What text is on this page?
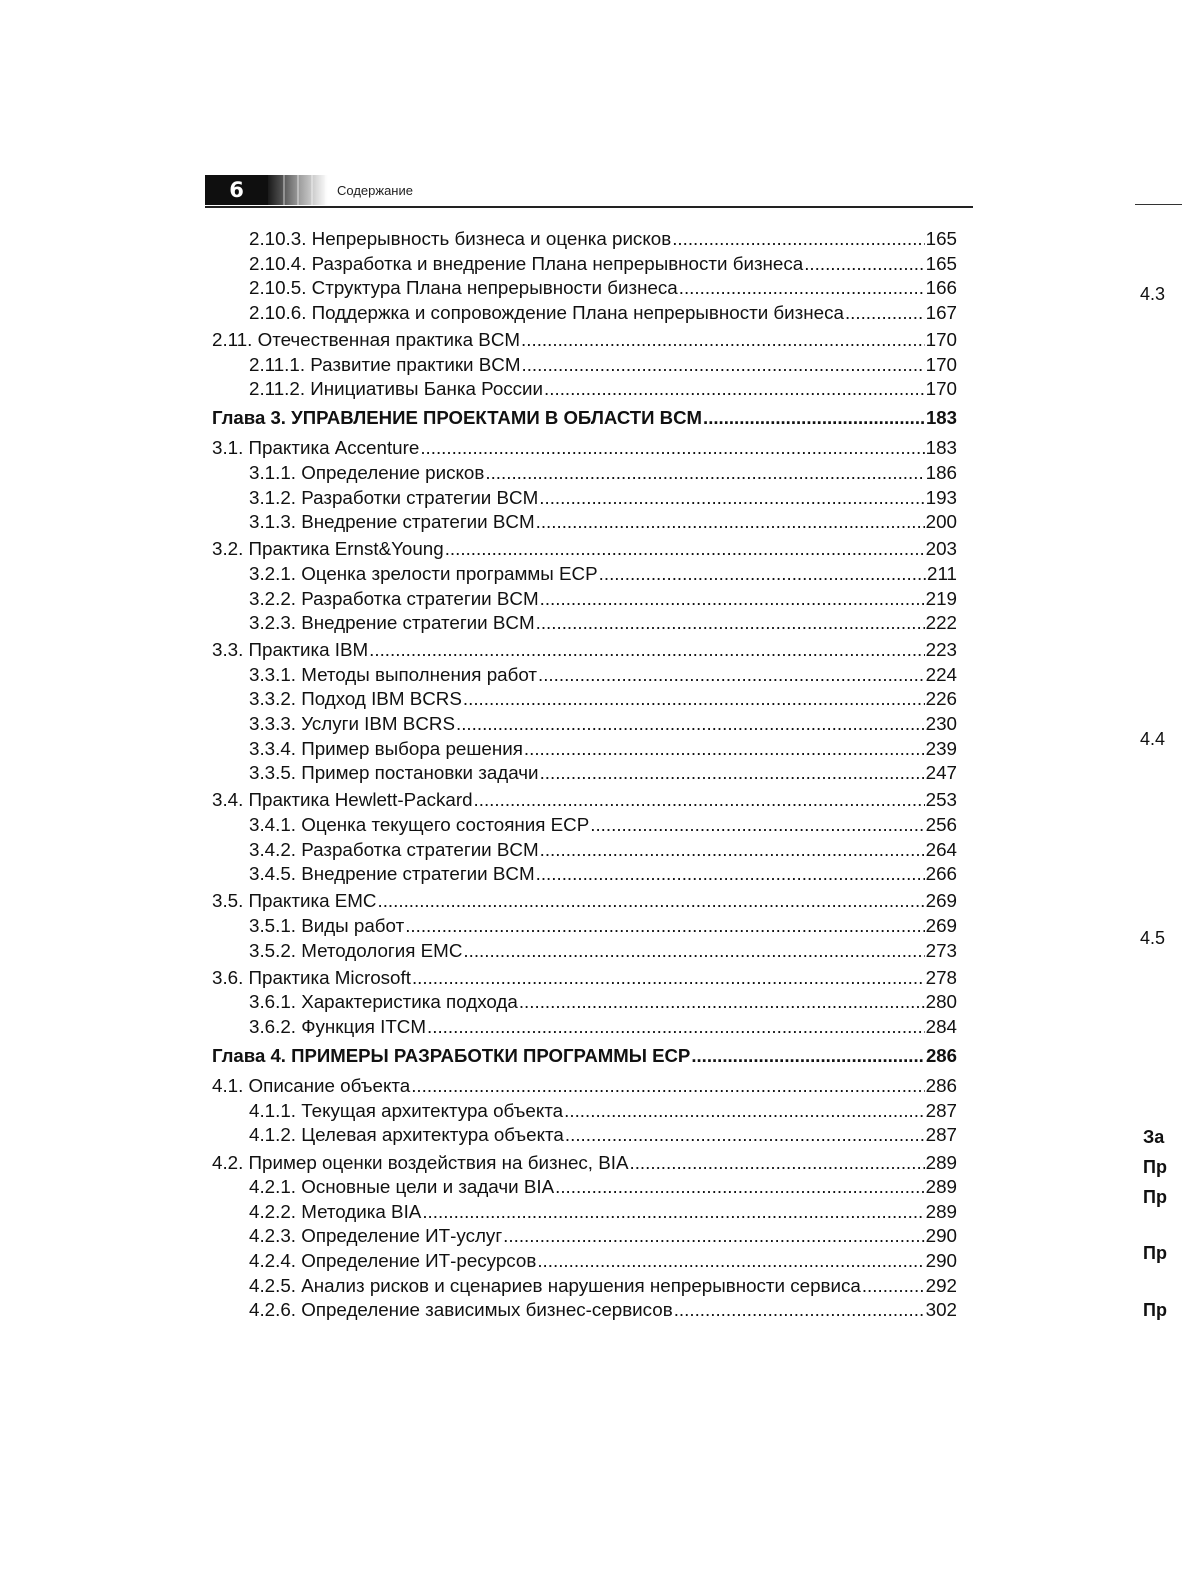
6	Содержание
4.3
4.4
4.5
За
Пр
Пр
Пр
Пр
2.10.3. Непрерывность бизнеса и оценка рисков .....	165
2.10.4. Разработка и внедрение Плана непрерывности бизнеса .....	165
2.10.5. Структура Плана непрерывности бизнеса .....	166
2.10.6. Поддержка и сопровождение Плана непрерывности бизнеса .....	167
2.11. Отечественная практика BCM .....	170
2.11.1. Развитие практики BCM .....	170
2.11.2. Инициативы Банка России .....	170
Глава 3. УПРАВЛЕНИЕ ПРОЕКТАМИ В ОБЛАСТИ BCM .....	183
3.1. Практика Accenture .....	183
3.1.1. Определение рисков .....	186
3.1.2. Разработки стратегии BCM .....	193
3.1.3. Внедрение стратегии BCM .....	200
3.2. Практика Ernst&Young .....	203
3.2.1. Оценка зрелости программы ECP .....	211
3.2.2. Разработка стратегии BCM .....	219
3.2.3. Внедрение стратегии BCM .....	222
3.3. Практика IBM .....	223
3.3.1. Методы выполнения работ .....	224
3.3.2. Подход IBM BCRS .....	226
3.3.3. Услуги IBM BCRS .....	230
3.3.4. Пример выбора решения .....	239
3.3.5. Пример постановки задачи .....	247
3.4. Практика Hewlett-Packard .....	253
3.4.1. Оценка текущего состояния ECP .....	256
3.4.2. Разработка стратегии BCM .....	264
3.4.5. Внедрение стратегии BCM .....	266
3.5. Практика EMC .....	269
3.5.1. Виды работ .....	269
3.5.2. Методология EMC .....	273
3.6. Практика Microsoft .....	278
3.6.1. Характеристика подхода .....	280
3.6.2. Функция ITCM .....	284
Глава 4. ПРИМЕРЫ РАЗРАБОТКИ ПРОГРАММЫ ECP .....	286
4.1. Описание объекта .....	286
4.1.1. Текущая архитектура объекта .....	287
4.1.2. Целевая архитектура объекта .....	287
4.2. Пример оценки воздействия на бизнес, BIA .....	289
4.2.1. Основные цели и задачи BIA .....	289
4.2.2. Методика BIA .....	289
4.2.3. Определение ИТ-услуг .....	290
4.2.4. Определение ИТ-ресурсов .....	290
4.2.5. Анализ рисков и сценариев нарушения непрерывности сервиса .....	292
4.2.6. Определение зависимых бизнес-сервисов .....	302
